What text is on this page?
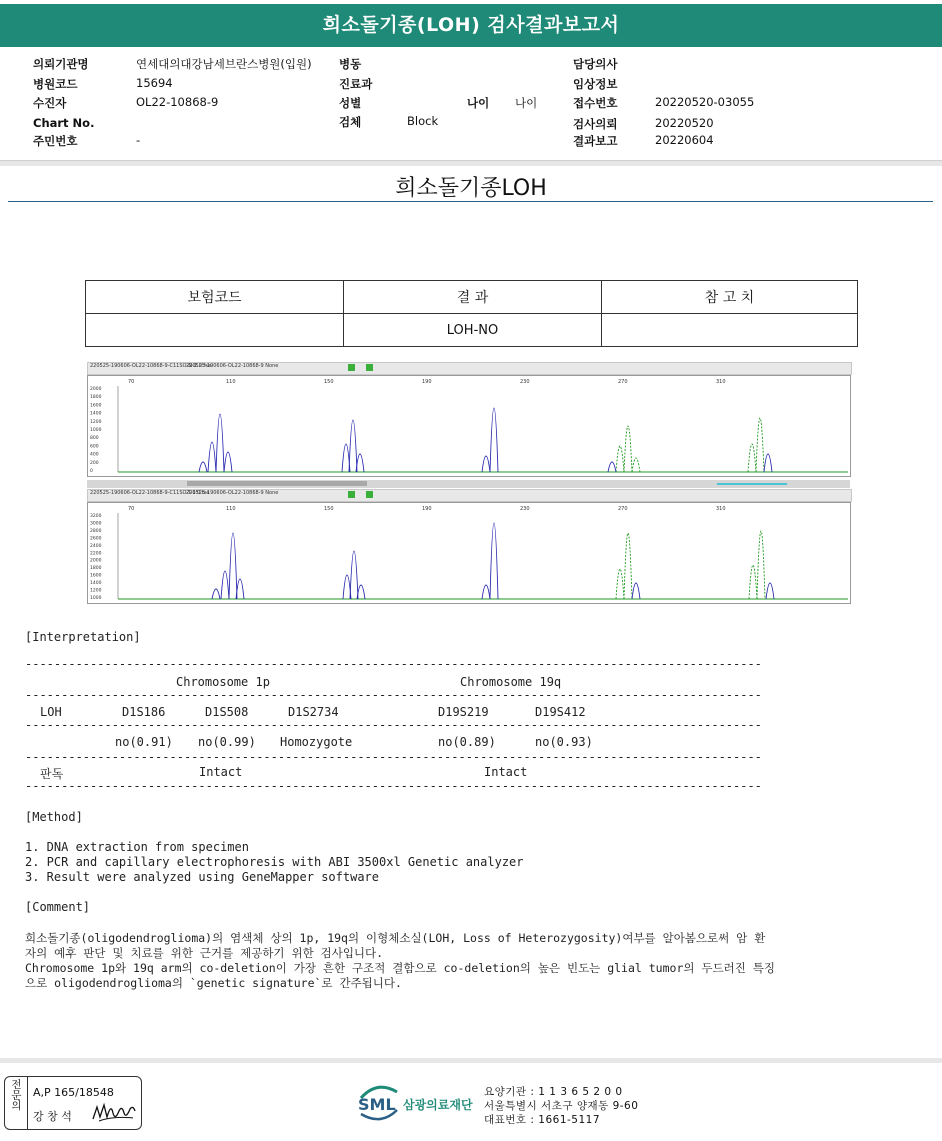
희소돌기종(LOH) 검사결과보고서
의뢰기관명	연세대의대강남세브란스병원(입원)
병원코드	15694
수진자	OL22-10868-9
Chart No.
주민번호	-
병동
진료과
성별	나이 나이
검체	Block
담당의사
임상정보
접수번호	20220520-03055
검사의뢰	20220520
결과보고	20220604
희소돌기종LOH
보험코드	결 과	참 고 치
	LOH-NO	
220525-190606-OL22-10868-9-C11SO-N-1.0.fsa
220525-190606-OL22-10868-9 None
70	110	150	190	230	270	310
2000
1800
1600
1400
1200
1000
800
600
400
200
0
220525-190606-OL22-10868-9-C11SO-T-1.0.fsa
220525-190606-OL22-10868-9 None
70	110	150	190	230	270	310
3200
3000
2800
2600
2400
2200
2000
1800
1600
1400
1200
1000
[Interpretation]
------------------------------------------------------------------------------------------------------
Chromosome 1p	Chromosome 19q
------------------------------------------------------------------------------------------------------
LOH	D1S186	D1S508	D1S2734	D19S219	D19S412
------------------------------------------------------------------------------------------------------
no(0.91) no(0.99) Homozygote	no(0.89)	no(0.93)
------------------------------------------------------------------------------------------------------
판독	Intact	Intact
------------------------------------------------------------------------------------------------------
[Method]
1. DNA extraction from specimen
2. PCR and capillary electrophoresis with ABI 3500xl Genetic analyzer
3. Result were analyzed using GeneMapper software
[Comment]
희소돌기종(oligodendroglioma)의 염색체 상의 1p, 19q의 이형체소실(LOH, Loss of Heterozygosity)여부를 알아봄으로써 암 환
자의 예후 판단 및 치료를 위한 근거를 제공하기 위한 검사입니다.
Chromosome 1p와 19q arm의 co-deletion이 가장 흔한 구조적 결함으로 co-deletion의 높은 빈도는 glial tumor의 두드러진 특징
으로 oligodendroglioma의 `genetic signature`로 간주됩니다.
전문의 A,P 165/18548
강 창 석
SML 삼광의료재단
요양기관 : 1 1 3 6 5 2 0 0
서울특별시 서초구 양재동 9-60
대표번호 : 1661-5117
